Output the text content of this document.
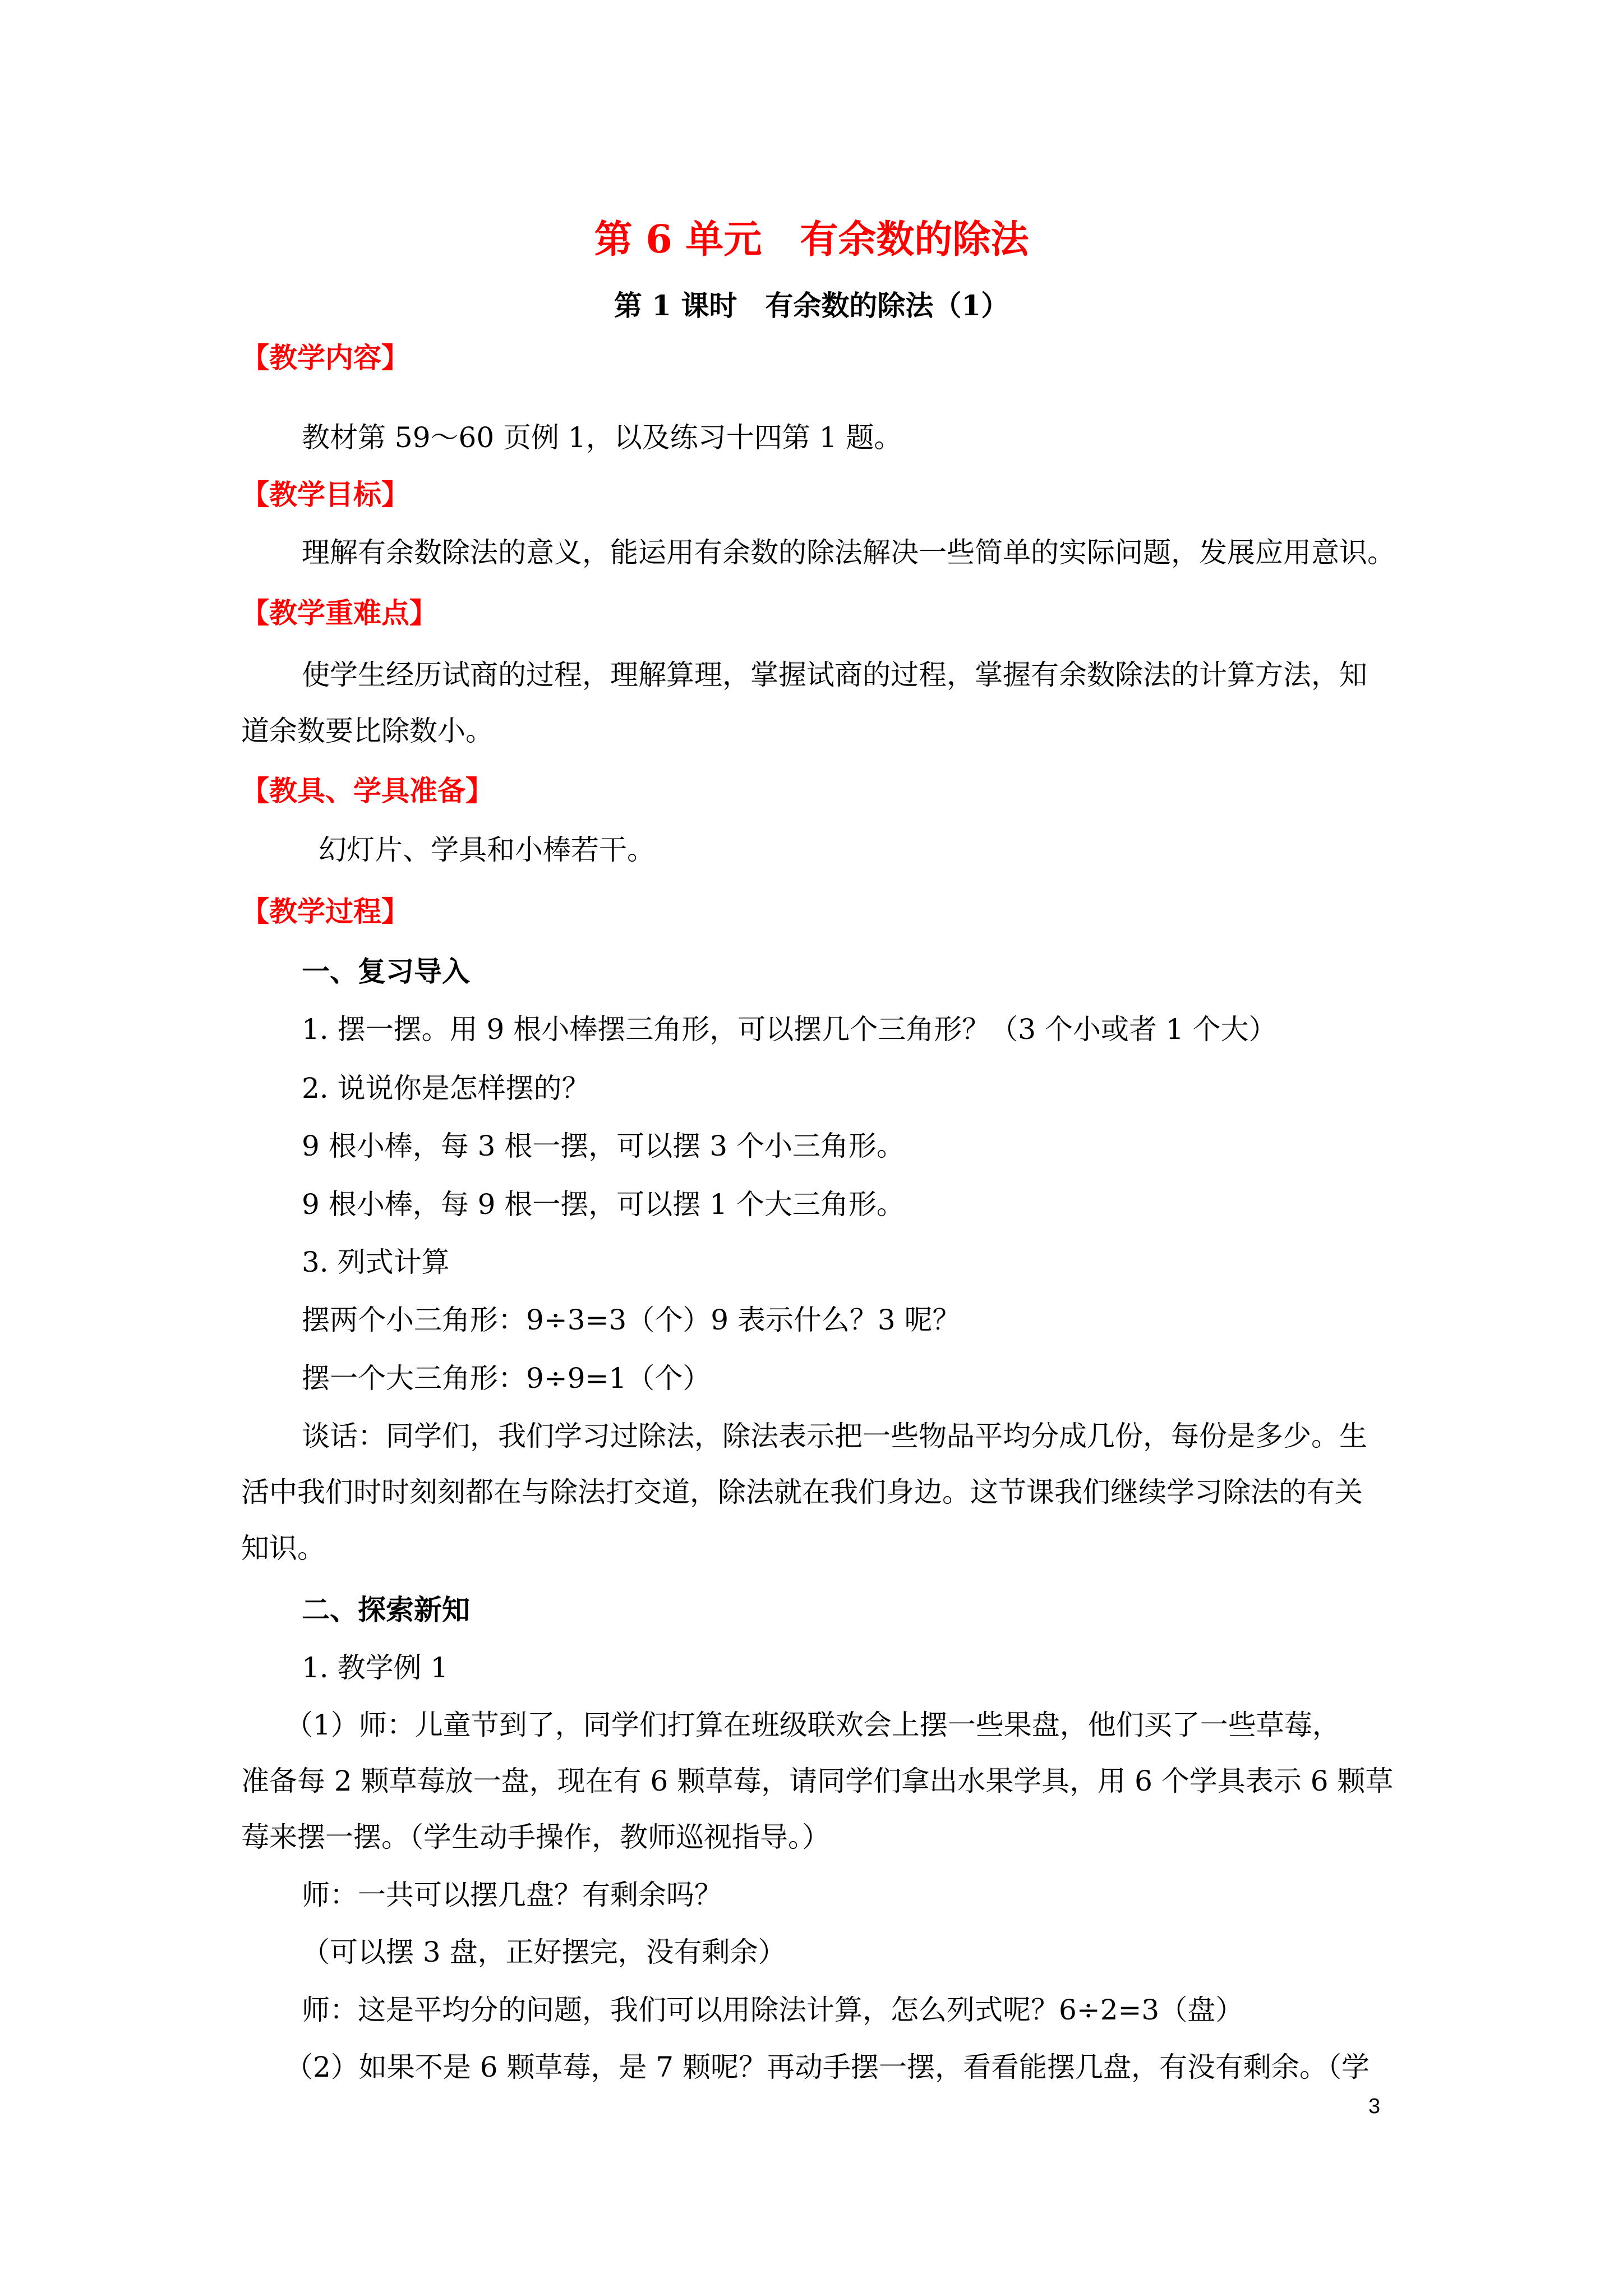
第 6 单元　有余数的除法
第 1 课时　有余数的除法（1）
【教学内容】
教材第 59～60 页例 1，以及练习十四第 1 题。
【教学目标】
理解有余数除法的意义，能运用有余数的除法解决一些简单的实际问题，发展应用意识。
【教学重难点】
使学生经历试商的过程，理解算理，掌握试商的过程，掌握有余数除法的计算方法，知
道余数要比除数小。
【教具、学具准备】
幻灯片、学具和小棒若干。
【教学过程】
一、复习导入
1. 摆一摆。用 9 根小棒摆三角形，可以摆几个三角形？（3 个小或者 1 个大）
2. 说说你是怎样摆的？
9 根小棒，每 3 根一摆，可以摆 3 个小三角形。
9 根小棒，每 9 根一摆，可以摆 1 个大三角形。
3. 列式计算
摆两个小三角形：9÷3=3（个）9 表示什么？3 呢？
摆一个大三角形：9÷9=1（个）
谈话：同学们，我们学习过除法，除法表示把一些物品平均分成几份，每份是多少。生
活中我们时时刻刻都在与除法打交道，除法就在我们身边。这节课我们继续学习除法的有关
知识。
二、探索新知
1. 教学例 1
（1）师：儿童节到了，同学们打算在班级联欢会上摆一些果盘，他们买了一些草莓，
准备每 2 颗草莓放一盘，现在有 6 颗草莓，请同学们拿出水果学具，用 6 个学具表示 6 颗草
莓来摆一摆。（学生动手操作，教师巡视指导。）
师：一共可以摆几盘？有剩余吗？
（可以摆 3 盘，正好摆完，没有剩余）
师：这是平均分的问题，我们可以用除法计算，怎么列式呢？6÷2=3（盘）
（2）如果不是 6 颗草莓，是 7 颗呢？再动手摆一摆，看看能摆几盘，有没有剩余。（学
3
